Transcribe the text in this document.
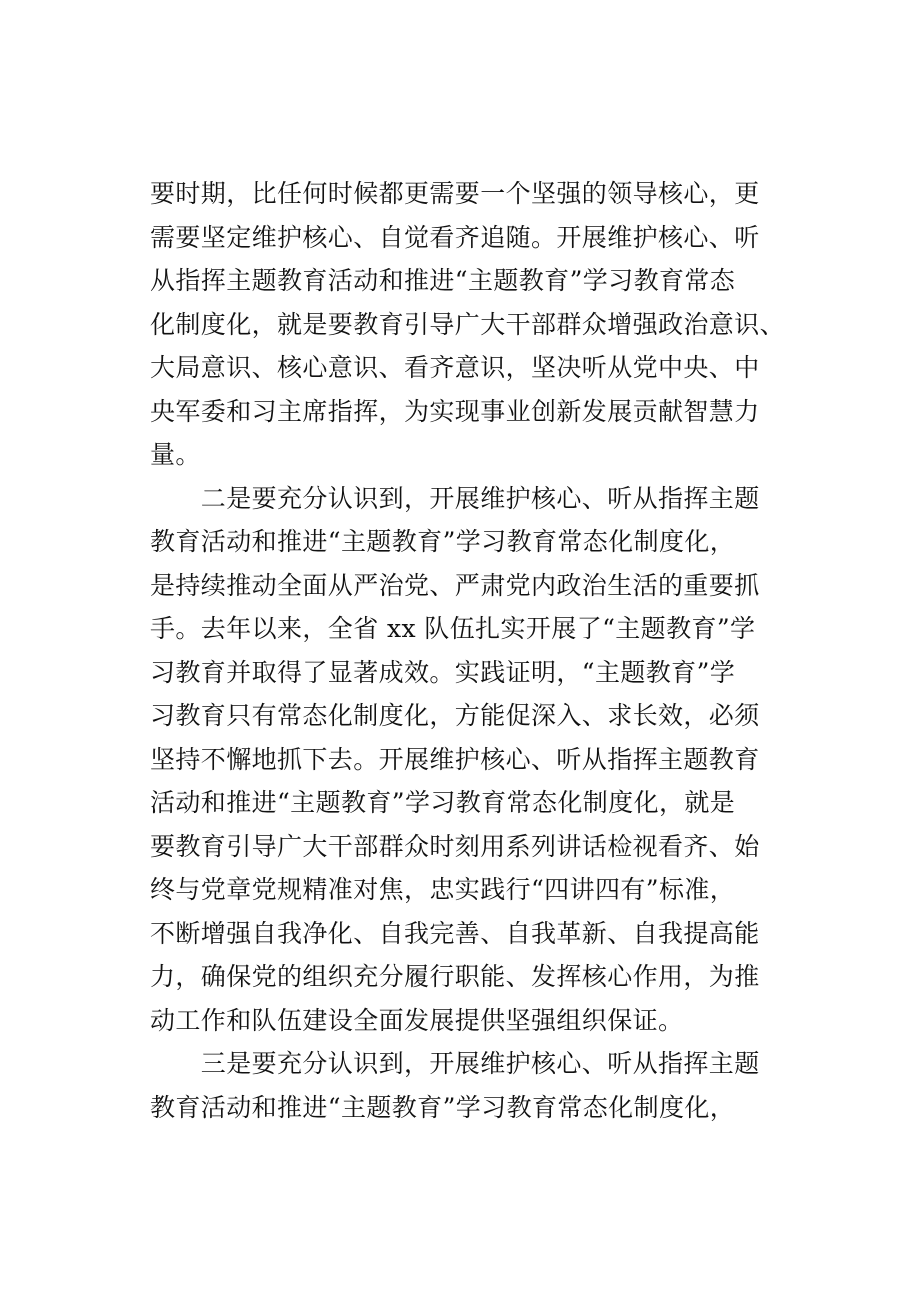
要时期，比任何时候都更需要一个坚强的领导核心，更
需要坚定维护核心、自觉看齐追随。开展维护核心、听
从指挥主题教育活动和推进“主题教育”学习教育常态
化制度化，就是要教育引导广大干部群众增强政治意识、
大局意识、核心意识、看齐意识，坚决听从党中央、中
央军委和习主席指挥，为实现事业创新发展贡献智慧力
量。
　　二是要充分认识到，开展维护核心、听从指挥主题
教育活动和推进“主题教育”学习教育常态化制度化，
是持续推动全面从严治党、严肃党内政治生活的重要抓
手。去年以来，全省 xx 队伍扎实开展了“主题教育”学
习教育并取得了显著成效。实践证明，“主题教育”学
习教育只有常态化制度化，方能促深入、求长效，必须
坚持不懈地抓下去。开展维护核心、听从指挥主题教育
活动和推进“主题教育”学习教育常态化制度化，就是
要教育引导广大干部群众时刻用系列讲话检视看齐、始
终与党章党规精准对焦，忠实践行“四讲四有”标准，
不断增强自我净化、自我完善、自我革新、自我提高能
力，确保党的组织充分履行职能、发挥核心作用，为推
动工作和队伍建设全面发展提供坚强组织保证。
　　三是要充分认识到，开展维护核心、听从指挥主题
教育活动和推进“主题教育”学习教育常态化制度化，
